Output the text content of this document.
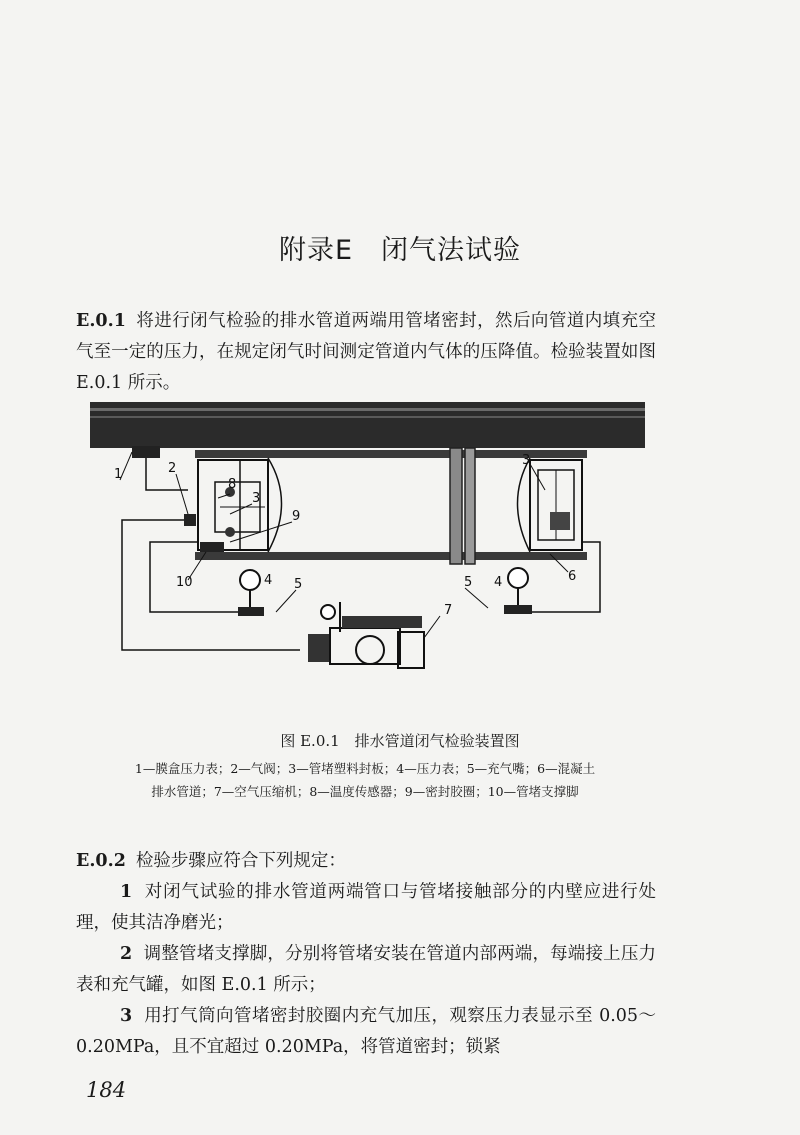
附录E　闭气法试验
E.0.1 将进行闭气检验的排水管道两端用管堵密封，然后向管道内填充空气至一定的压力，在规定闭气时间测定管道内气体的压降值。检验装置如图 E.0.1 所示。
1	2
8
3
9
10	4 5
3
6
5 4
7
图 E.0.1　排水管道闭气检验装置图
1—膜盒压力表；2—气阀；3—管堵塑料封板；4—压力表；5—充气嘴；6—混凝土排水管道；7—空气压缩机；8—温度传感器；9—密封胶圈；10—管堵支撑脚
E.0.2 检验步骤应符合下列规定：
1 对闭气试验的排水管道两端管口与管堵接触部分的内壁应进行处理，使其洁净磨光；
2 调整管堵支撑脚，分别将管堵安装在管道内部两端，每端接上压力表和充气罐，如图 E.0.1 所示；
3 用打气筒向管堵密封胶圈内充气加压，观察压力表显示至 0.05～0.20MPa，且不宜超过 0.20MPa，将管道密封；锁紧
184
